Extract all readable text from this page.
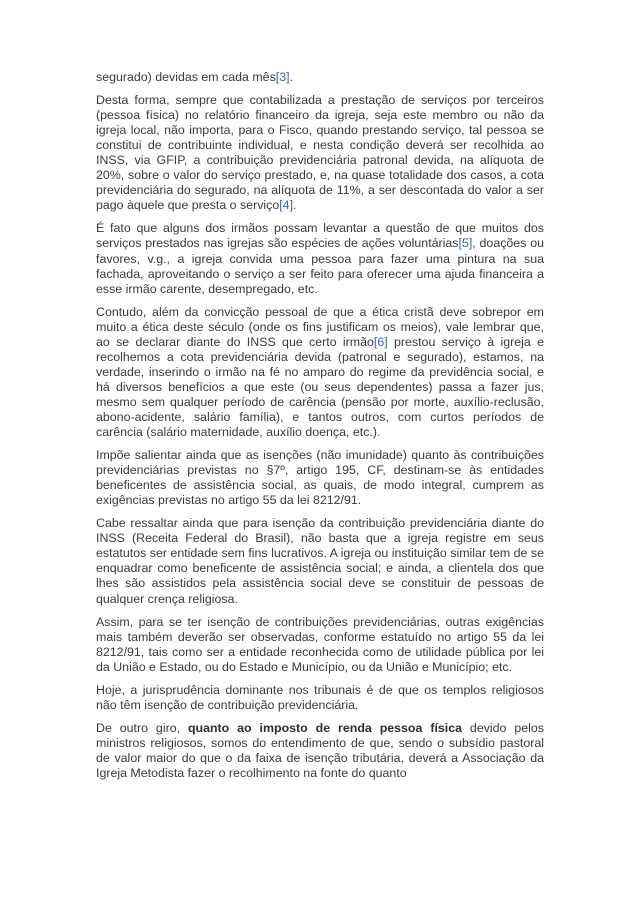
segurado) devidas em cada mês[3].

Desta forma, sempre que contabilizada a prestação de serviços por terceiros (pessoa física) no relatório financeiro da igreja, seja este membro ou não da igreja local, não importa, para o Fisco, quando prestando serviço, tal pessoa se constitui de contribuinte individual, e nesta condição deverá ser recolhida ao INSS, via GFIP, a contribuição previdenciária patronal devida, na alíquota de 20%, sobre o valor do serviço prestado, e, na quase totalidade dos casos, a cota previdenciária do segurado, na alíquota de 11%, a ser descontada do valor a ser pago àquele que presta o serviço[4].

É fato que alguns dos irmãos possam levantar a questão de que muitos dos serviços prestados nas igrejas são espécies de ações voluntárias[5], doações ou favores, v.g., a igreja convida uma pessoa para fazer uma pintura na sua fachada, aproveitando o serviço a ser feito para oferecer uma ajuda financeira a esse irmão carente, desempregado, etc.

Contudo, além da convicção pessoal de que a ética cristã deve sobrepor em muito a ética deste século (onde os fins justificam os meios), vale lembrar que, ao se declarar diante do INSS que certo irmão[6] prestou serviço à igreja e recolhemos a cota previdenciária devida (patronal e segurado), estamos, na verdade, inserindo o irmão na fé no amparo do regime da previdência social, e há diversos benefícios a que este (ou seus dependentes) passa a fazer jus, mesmo sem qualquer período de carência (pensão por morte, auxílio-reclusão, abono-acidente, salário família), e tantos outros, com curtos períodos de carência (salário maternidade, auxílio doença, etc.).

Impõe salientar ainda que as isenções (não imunidade) quanto às contribuições previdenciárias previstas no §7º, artigo 195, CF, destinam-se às entidades beneficentes de assistência social, as quais, de modo integral, cumprem as exigências previstas no artigo 55 da lei 8212/91.

Cabe ressaltar ainda que para isenção da contribuição previdenciária diante do INSS (Receita Federal do Brasil), não basta que a igreja registre em seus estatutos ser entidade sem fins lucrativos. A igreja ou instituição similar tem de se enquadrar como beneficente de assistência social; e ainda, a clientela dos que lhes são assistidos pela assistência social deve se constituir de pessoas de qualquer crença religiosa.

Assim, para se ter isenção de contribuições previdenciárias, outras exigências mais também deverão ser observadas, conforme estatuído no artigo 55 da lei 8212/91, tais como ser a entidade reconhecida como de utilidade pública por lei da União e Estado, ou do Estado e Município, ou da União e Município; etc.

Hoje, a jurisprudência dominante nos tribunais é de que os templos religiosos não têm isenção de contribuição previdenciária.

De outro giro, quanto ao imposto de renda pessoa física devido pelos ministros religiosos, somos do entendimento de que, sendo o subsídio pastoral de valor maior do que o da faixa de isenção tributária, deverá a Associação da Igreja Metodista fazer o recolhimento na fonte do quanto
